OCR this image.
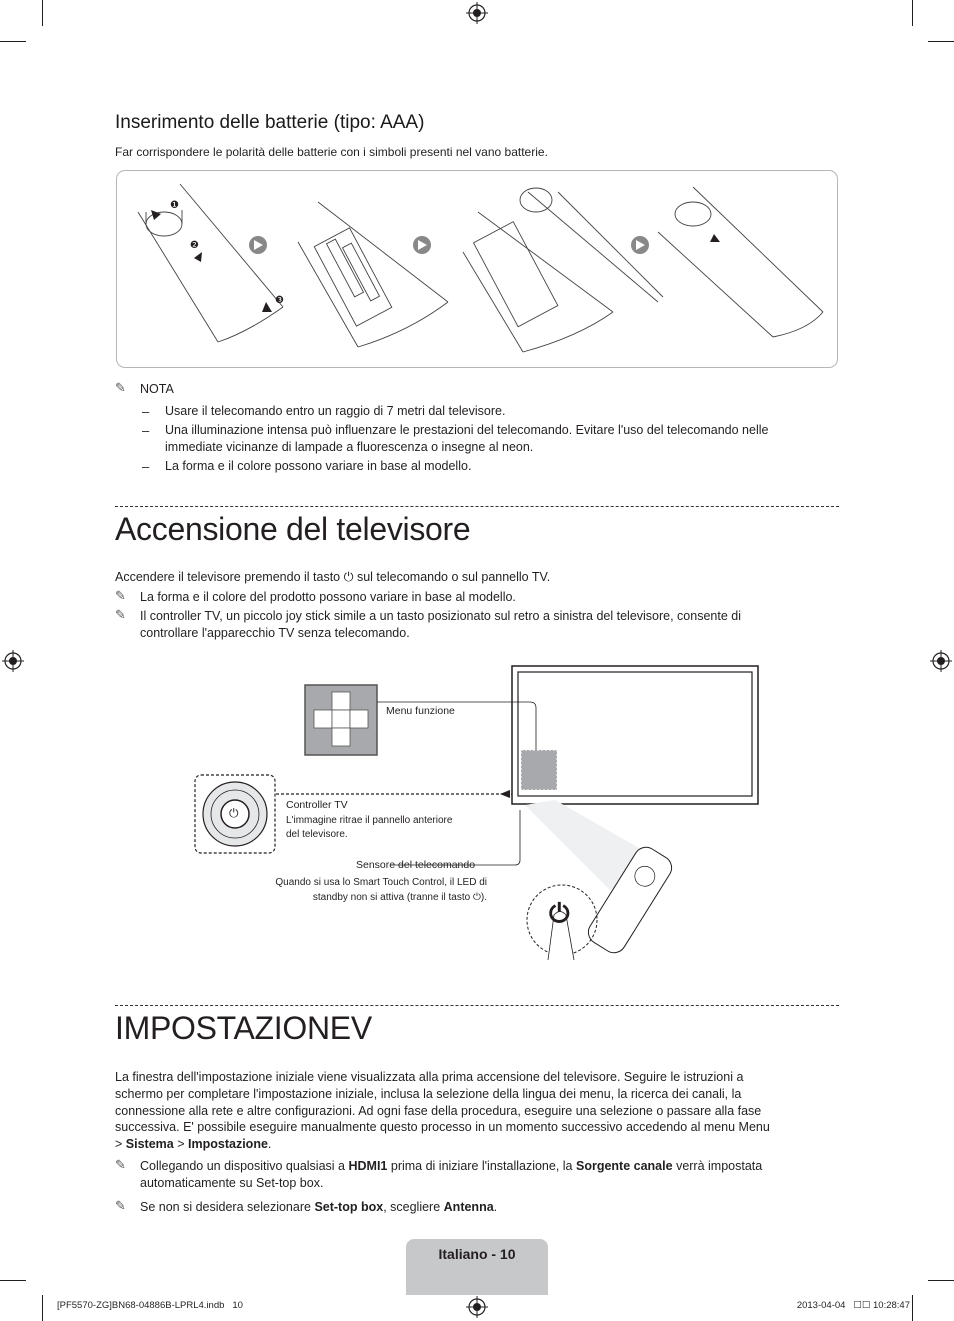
Inserimento delle batterie (tipo: AAA)
Far corrispondere le polarità delle batterie con i simboli presenti nel vano batterie.
❶
❷
❸
✎ NOTA
– Usare il telecomando entro un raggio di 7 metri dal televisore.
– Una illuminazione intensa può influenzare le prestazioni del telecomando. Evitare l'uso del telecomando nelle
immediate vicinanze di lampade a fluorescenza o insegne al neon.
– La forma e il colore possono variare in base al modello.
Accensione del televisore
Accendere il televisore premendo il tasto ⏻ sul telecomando o sul pannello TV.
✎ La forma e il colore del prodotto possono variare in base al modello.
✎ Il controller TV, un piccolo joy stick simile a un tasto posizionato sul retro a sinistra del televisore, consente di
controllare l'apparecchio TV senza telecomando.
⏻
⏻
Menu funzione
Controller TV
L'immagine ritrae il pannello anteriore
del televisore.
Sensore del telecomando
Quando si usa lo Smart Touch Control, il LED di
standby non si attiva (tranne il tasto ⏻).
IMPOSTAZIONEV
La finestra dell'impostazione iniziale viene visualizzata alla prima accensione del televisore. Seguire le istruzioni a
schermo per completare l'impostazione iniziale, inclusa la selezione della lingua dei menu, la ricerca dei canali, la
connessione alla rete e altre configurazioni. Ad ogni fase della procedura, eseguire una selezione o passare alla fase
successiva. E' possibile eseguire manualmente questo processo in un momento successivo accedendo al menu Menu
> Sistema > Impostazione.
✎ Collegando un dispositivo qualsiasi a HDMI1 prima di iniziare l'installazione, la Sorgente canale verrà impostata
automaticamente su Set-top box.
✎ Se non si desidera selezionare Set-top box, scegliere Antenna.
Italiano - 10
[PF5570-ZG]BN68-04886B-LPRL4.indb   10	2013-04-04   ☐☐ 10:28:47
